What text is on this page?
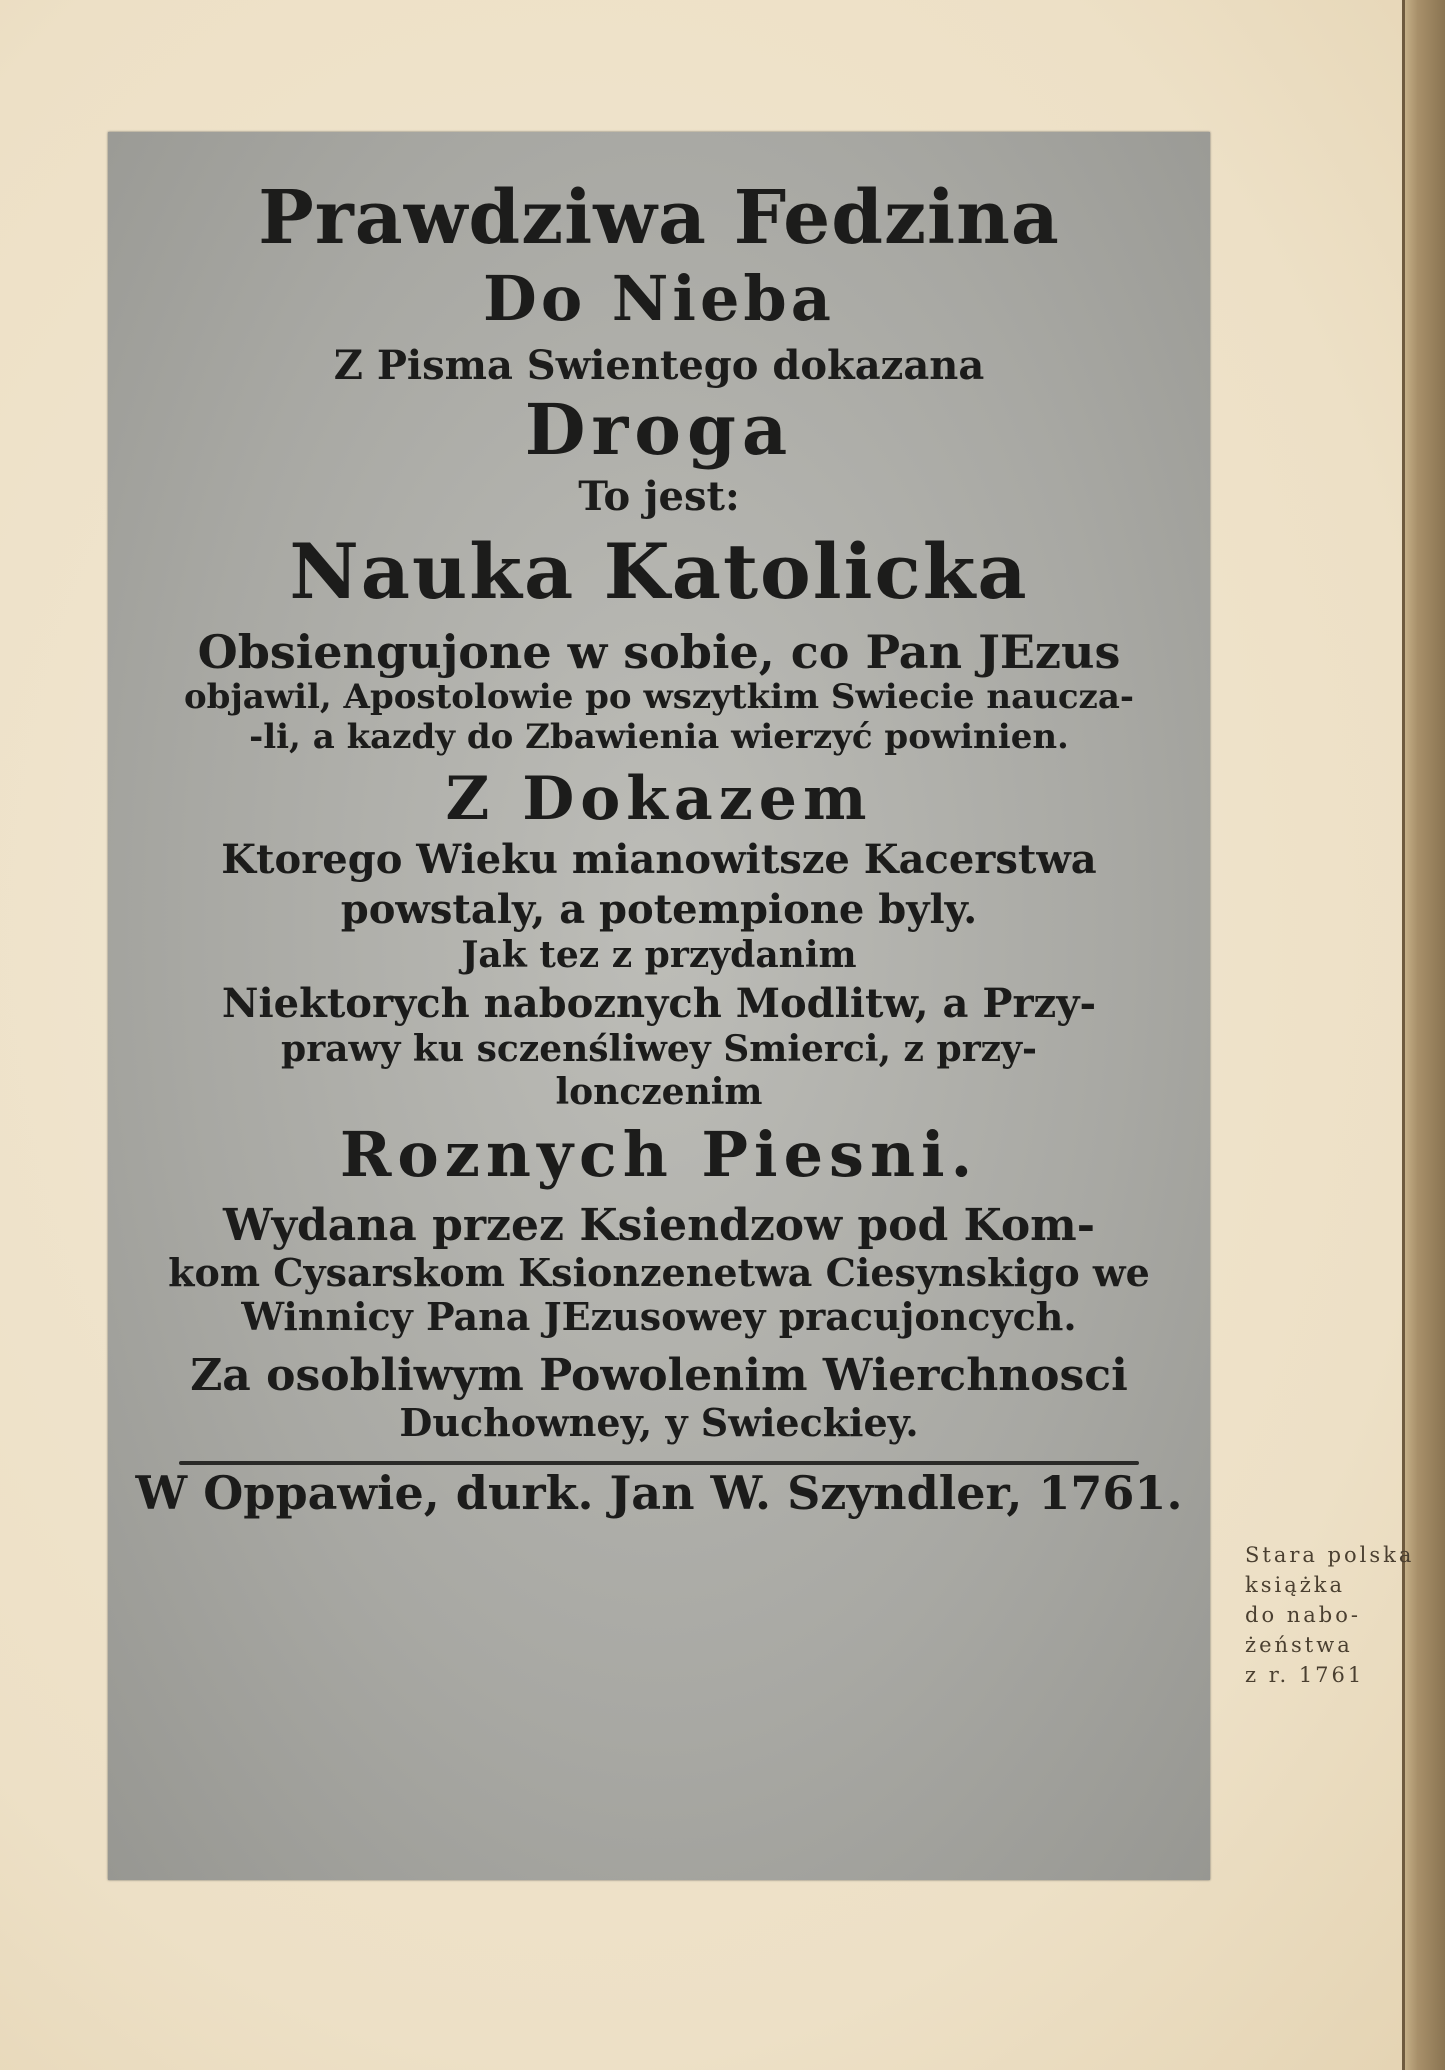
Prawdziwa Fedzina
Do Nieba
Z Pisma Swientego dokazana
Droga
To jest:
Nauka Katolicka
Obsiengujone w sobie, co Pan JEzus
objawil, Apostolowie po wszytkim Swiecie naucza-
-li, a kazdy do Zbawienia wierzyć powinien.
Z Dokazem
Ktorego Wieku mianowitsze Kacerstwa
powstaly, a potempione byly.
Jak tez z przydanim
Niektorych naboznych Modlitw, a Przy-
prawy ku sczenśliwey Smierci, z przy-
lonczenim
Roznych Piesni.
Wydana przez Ksiendzow pod Kom-
kom Cysarskom Ksionzenetwa Ciesynskigo we
Winnicy Pana JEzusowey pracujoncych.
Za osobliwym Powolenim Wierchnosci
Duchowney, y Swieckiey.
W Oppawie, durk. Jan W. Szyndler, 1761.
Stara polska
książka
do nabo-
żeństwa
z r. 1761
